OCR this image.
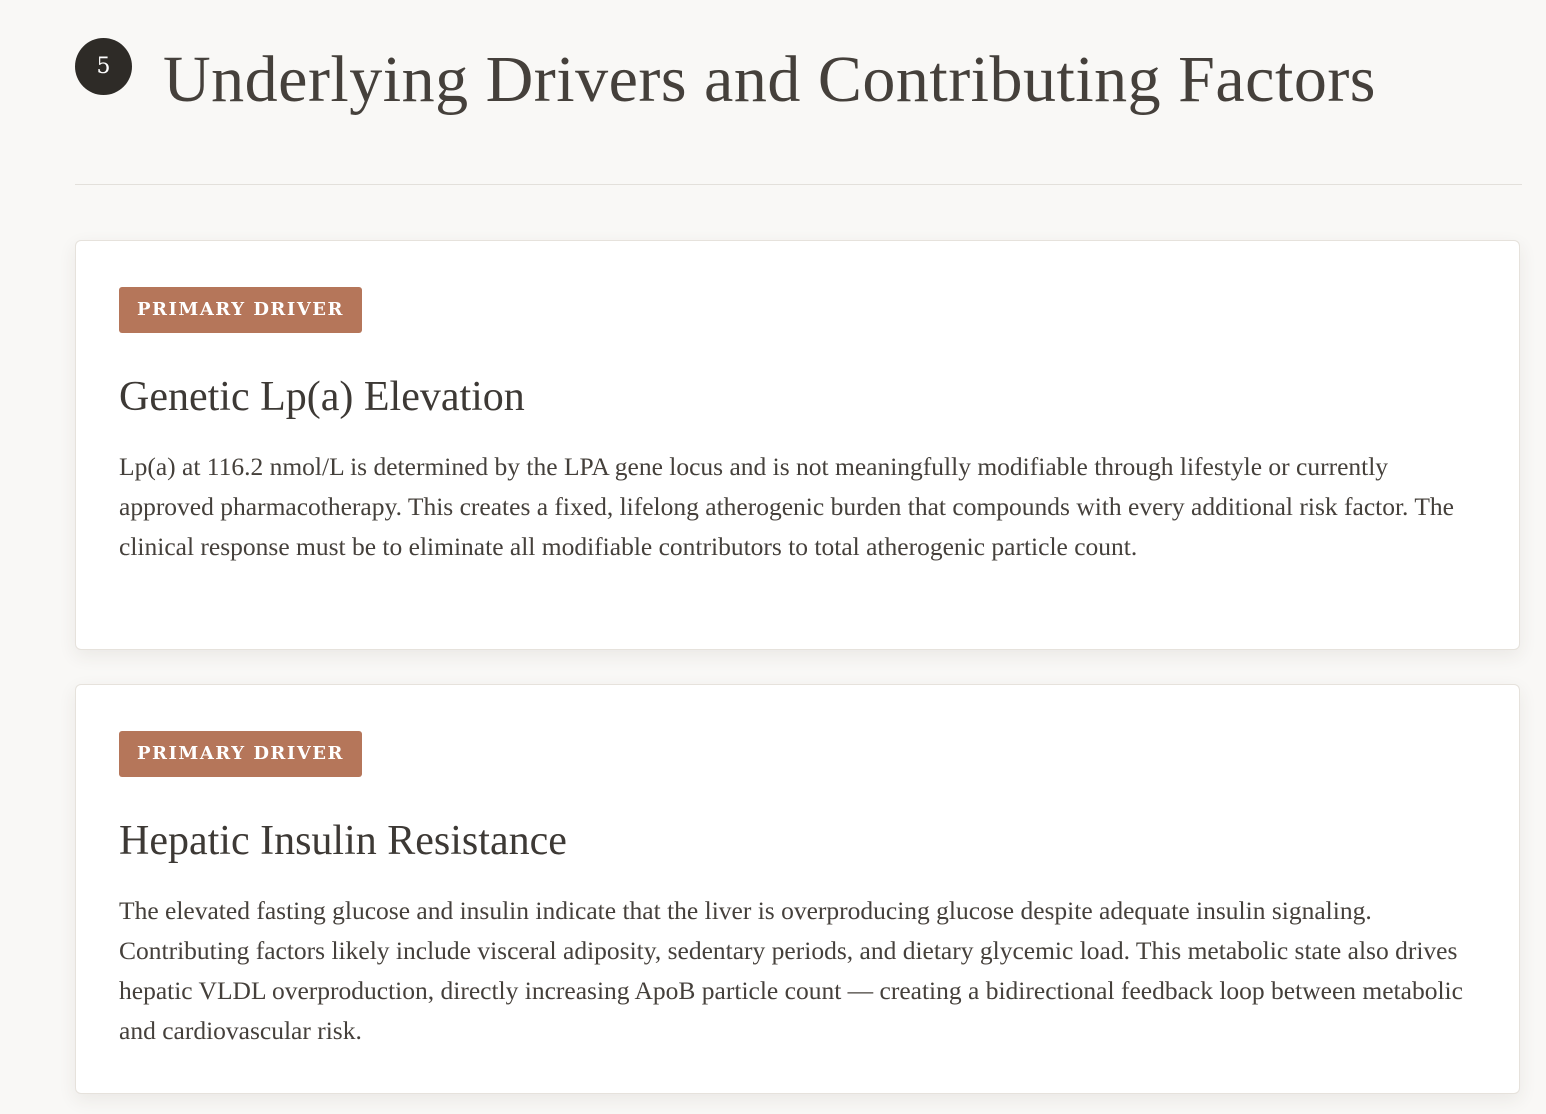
5 Underlying Drivers and Contributing Factors
PRIMARY DRIVER
Genetic Lp(a) Elevation

Lp(a) at 116.2 nmol/L is determined by the LPA gene locus and is not meaningfully modifiable through lifestyle or currently approved pharmacotherapy. This creates a fixed, lifelong atherogenic burden that compounds with every additional risk factor. The clinical response must be to eliminate all modifiable contributors to total atherogenic particle count.

PRIMARY DRIVER
Hepatic Insulin Resistance

The elevated fasting glucose and insulin indicate that the liver is overproducing glucose despite adequate insulin signaling. Contributing factors likely include visceral adiposity, sedentary periods, and dietary glycemic load. This metabolic state also drives hepatic VLDL overproduction, directly increasing ApoB particle count — creating a bidirectional feedback loop between metabolic and cardiovascular risk.
